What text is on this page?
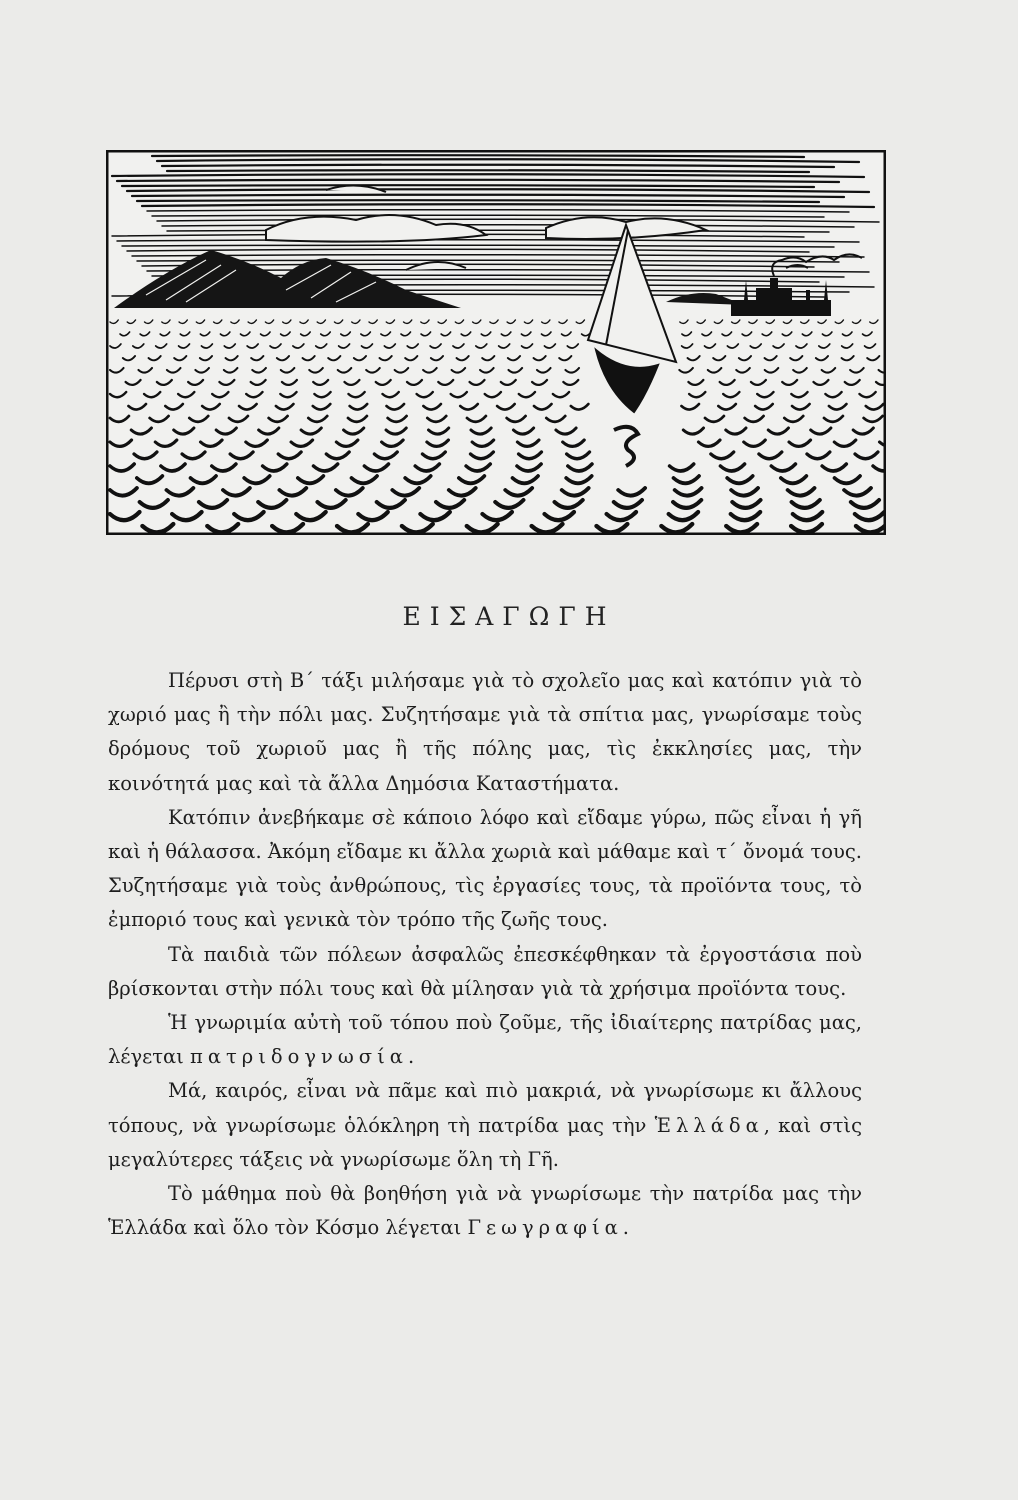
ΕΙΣΑΓΩΓΗ

Πέρυσι στὴ Β΄ τάξι μιλήσαμε γιὰ τὸ σχολεῖο μας καὶ κατόπιν γιὰ τὸ χωριό μας ἢ τὴν πόλι μας. Συζητήσαμε γιὰ τὰ σπίτια μας, γνωρίσαμε τοὺς δρόμους τοῦ χωριοῦ μας ἢ τῆς πόλης μας, τὶς ἐκκλησίες μας, τὴν κοινότητά μας καὶ τὰ ἄλλα Δημόσια Καταστήματα.

Κατόπιν ἀνεβήκαμε σὲ κάποιο λόφο καὶ εἴδαμε γύρω, πῶς εἶναι ἡ γῆ καὶ ἡ θάλασσα. Ἀκόμη εἴδαμε κι ἄλλα χωριὰ καὶ μάθαμε καὶ τ΄ ὄνομά τους. Συζητήσαμε γιὰ τοὺς ἀνθρώπους, τὶς ἐργασίες τους, τὰ προϊόντα τους, τὸ ἐμποριό τους καὶ γενικὰ τὸν τρόπο τῆς ζωῆς τους.

Τὰ παιδιὰ τῶν πόλεων ἀσφαλῶς ἐπεσκέφθηκαν τὰ ἐργοστάσια ποὺ βρίσκονται στὴν πόλι τους καὶ θὰ μίλησαν γιὰ τὰ χρήσιμα προϊόντα τους.

Ἡ γνωριμία αὐτὴ τοῦ τόπου ποὺ ζοῦμε, τῆς ἰδιαίτερης πατρίδας μας, λέγεται πατριδογνωσία.

Μά, καιρός, εἶναι νὰ πᾶμε καὶ πιὸ μακριά, νὰ γνωρίσωμε κι ἄλλους τόπους, νὰ γνωρίσωμε ὁλόκληρη τὴ πατρίδα μας τὴν Ἑλλάδα, καὶ στὶς μεγαλύτερες τάξεις νὰ γνωρίσωμε ὅλη τὴ Γῆ.

Τὸ μάθημα ποὺ θὰ βοηθήση γιὰ νὰ γνωρίσωμε τὴν πατρίδα μας τὴν Ἑλλάδα καὶ ὅλο τὸν Κόσμο λέγεται Γεωγραφία.
